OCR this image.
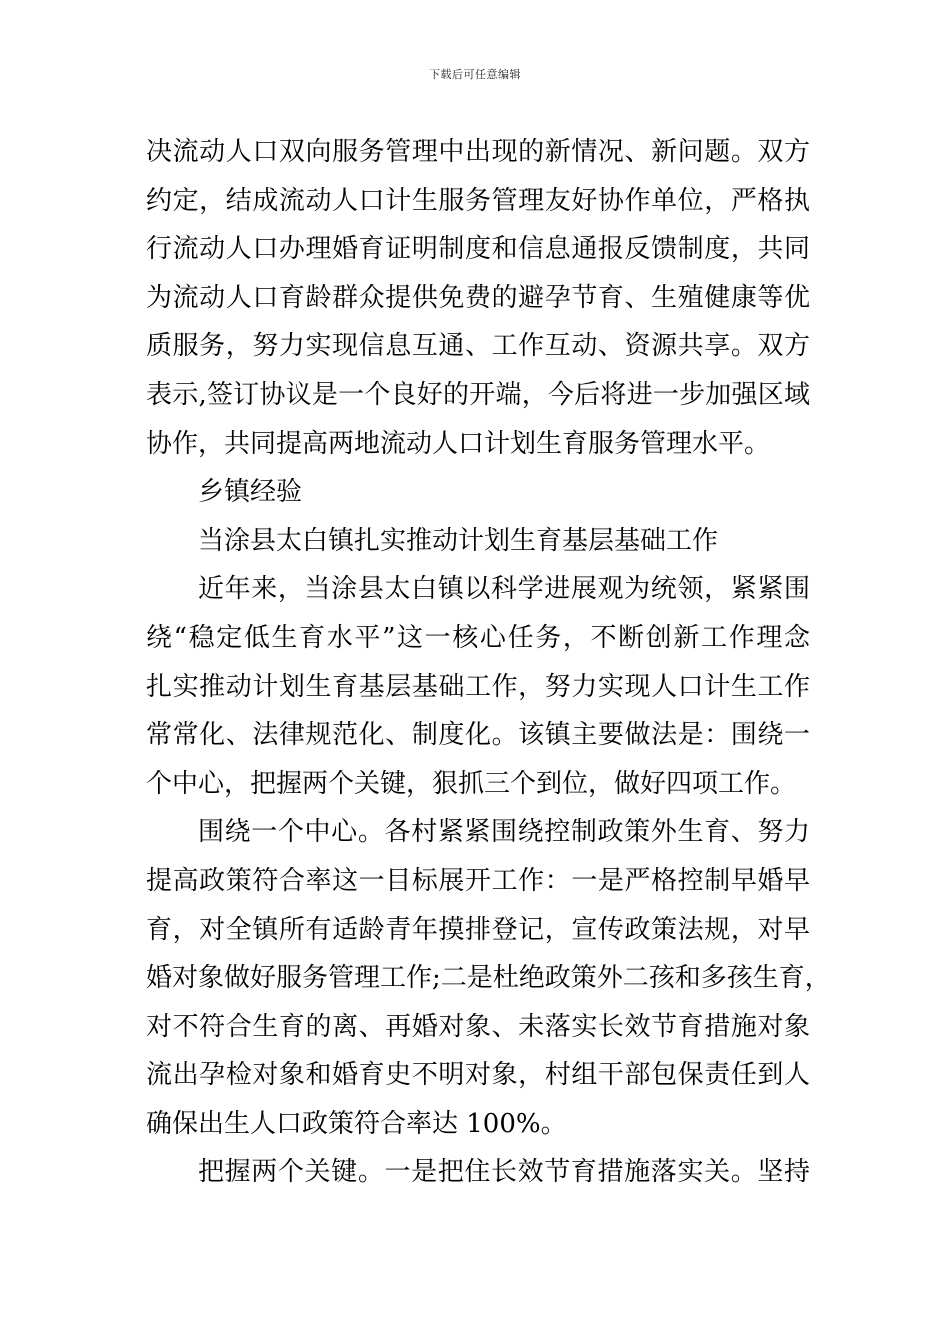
下载后可任意编辑
决流动人口双向服务管理中出现的新情况、新问题。双方
约定，结成流动人口计生服务管理友好协作单位，严格执
行流动人口办理婚育证明制度和信息通报反馈制度，共同
为流动人口育龄群众提供免费的避孕节育、生殖健康等优
质服务，努力实现信息互通、工作互动、资源共享。双方
表示,签订协议是一个良好的开端，今后将进一步加强区域
协作，共同提高两地流动人口计划生育服务管理水平。
乡镇经验
当涂县太白镇扎实推动计划生育基层基础工作
近年来，当涂县太白镇以科学进展观为统领，紧紧围
绕“稳定低生育水平”这一核心任务，不断创新工作理念
扎实推动计划生育基层基础工作，努力实现人口计生工作
常常化、法律规范化、制度化。该镇主要做法是：围绕一
个中心，把握两个关键，狠抓三个到位，做好四项工作。
围绕一个中心。各村紧紧围绕控制政策外生育、努力
提高政策符合率这一目标展开工作：一是严格控制早婚早
育，对全镇所有适龄青年摸排登记，宣传政策法规，对早
婚对象做好服务管理工作;二是杜绝政策外二孩和多孩生育，
对不符合生育的离、再婚对象、未落实长效节育措施对象
流出孕检对象和婚育史不明对象，村组干部包保责任到人
确保出生人口政策符合率达 100%。
把握两个关键。一是把住长效节育措施落实关。坚持
